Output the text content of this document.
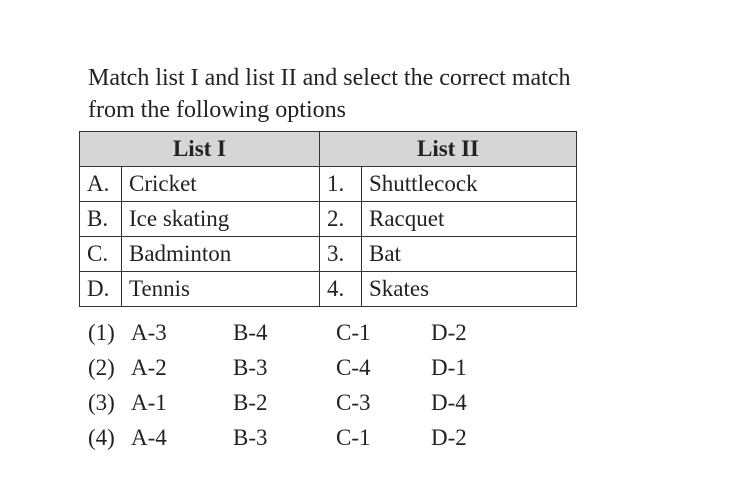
Match list I and list II and select the correct match
from the following options
List I		List II	
A.	Cricket	1.	Shuttlecock
B.	Ice skating	2.	Racquet
C.	Badminton	3.	Bat
D.	Tennis	4.	Skates
(1) A-3	B-4	C-1	D-2
(2) A-2	B-3	C-4	D-1
(3) A-1	B-2	C-3	D-4
(4) A-4	B-3	C-1	D-2
